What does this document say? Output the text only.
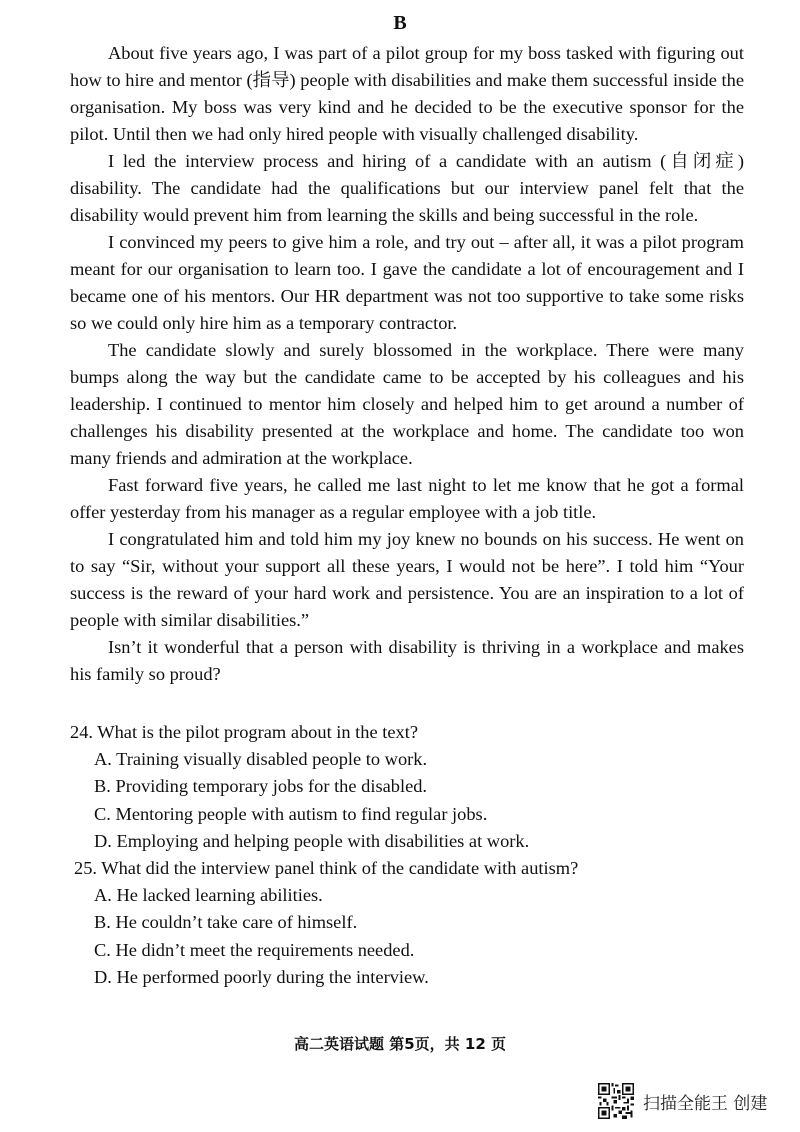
B

About five years ago, I was part of a pilot group for my boss tasked with figuring out how to hire and mentor (指导) people with disabilities and make them successful inside the organisation. My boss was very kind and he decided to be the executive sponsor for the pilot. Until then we had only hired people with visually challenged disability.

I led the interview process and hiring of a candidate with an autism (自闭症) disability. The candidate had the qualifications but our interview panel felt that the disability would prevent him from learning the skills and being successful in the role.

I convinced my peers to give him a role, and try out – after all, it was a pilot program meant for our organisation to learn too. I gave the candidate a lot of encouragement and I became one of his mentors. Our HR department was not too supportive to take some risks so we could only hire him as a temporary contractor.

The candidate slowly and surely blossomed in the workplace. There were many bumps along the way but the candidate came to be accepted by his colleagues and his leadership. I continued to mentor him closely and helped him to get around a number of challenges his disability presented at the workplace and home. The candidate too won many friends and admiration at the workplace.

Fast forward five years, he called me last night to let me know that he got a formal offer yesterday from his manager as a regular employee with a job title.

I congratulated him and told him my joy knew no bounds on his success. He went on to say “Sir, without your support all these years, I would not be here”. I told him “Your success is the reward of your hard work and persistence. You are an inspiration to a lot of people with similar disabilities.”

Isn’t it wonderful that a person with disability is thriving in a workplace and makes his family so proud?

24. What is the pilot program about in the text?

A. Training visually disabled people to work.

B. Providing temporary jobs for the disabled.

C. Mentoring people with autism to find regular jobs.

D. Employing and helping people with disabilities at work.

25. What did the interview panel think of the candidate with autism?

A. He lacked learning abilities.

B. He couldn’t take care of himself.

C. He didn’t meet the requirements needed.

D. He performed poorly during the interview.

高二英语试题 第5页，共 12 页
扫描全能王 创建
